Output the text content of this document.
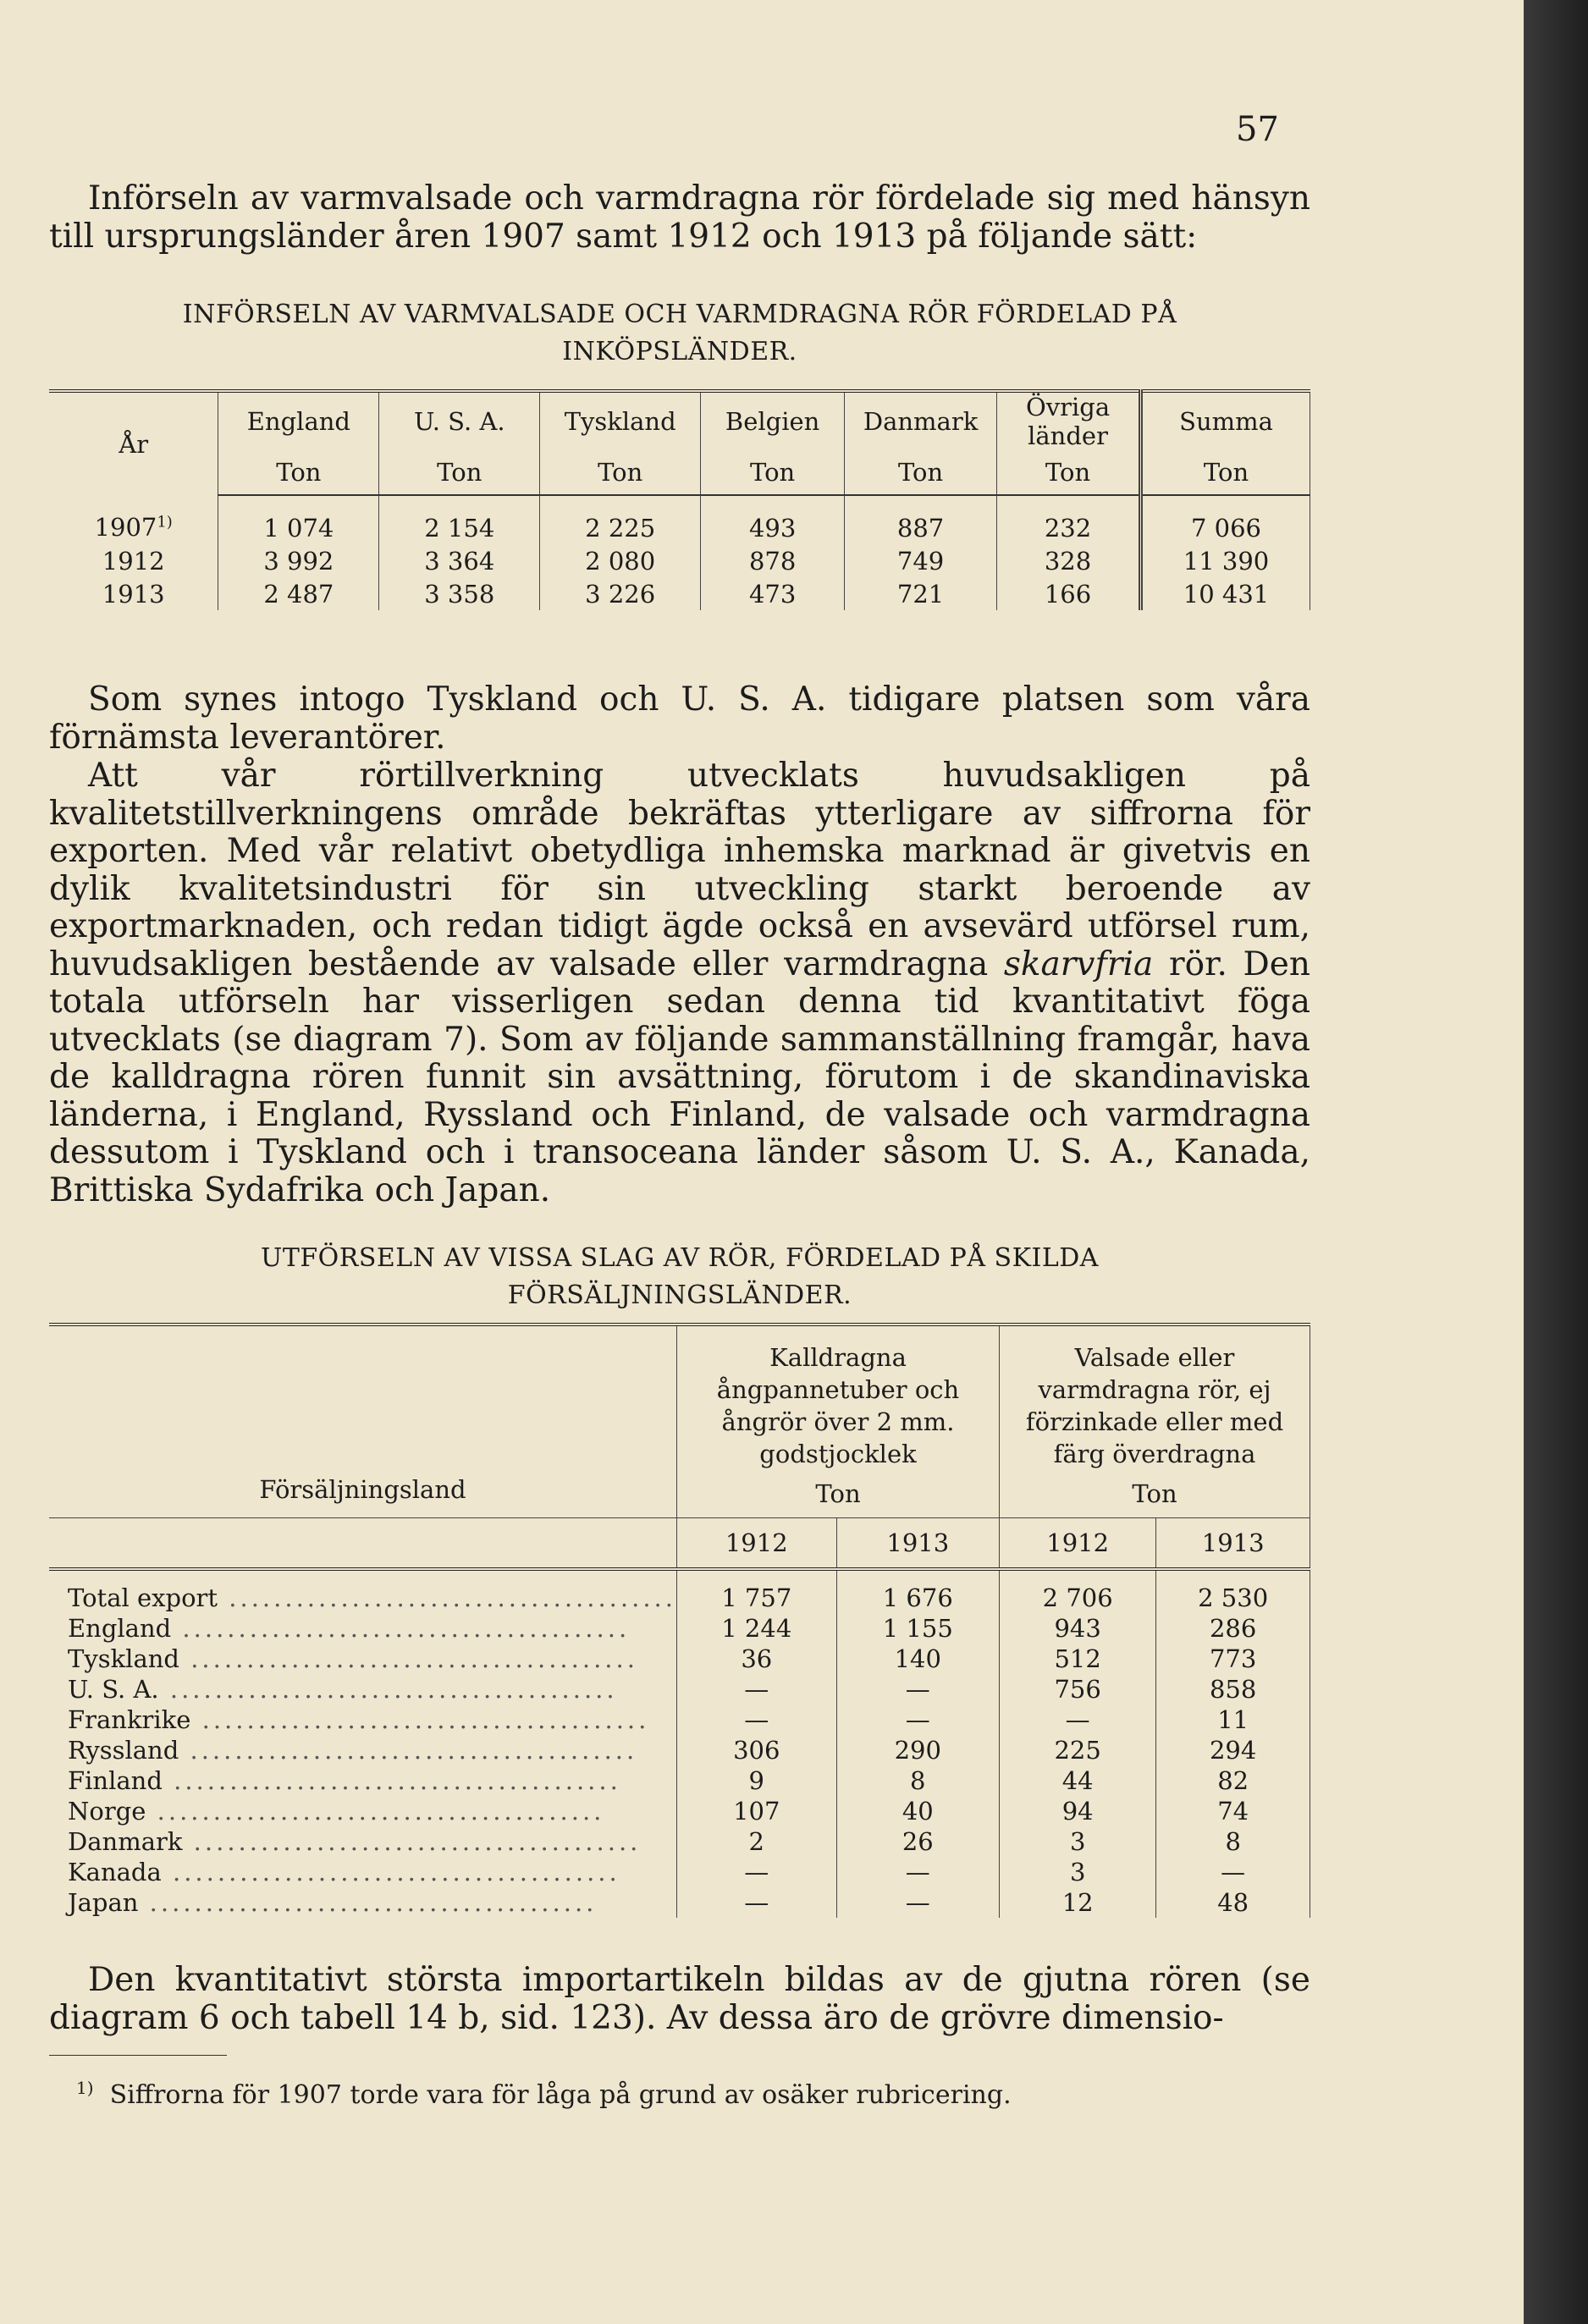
57

Införseln av varmvalsade och varmdragna rör fördelade sig med hänsyn till ursprungsländer åren 1907 samt 1912 och 1913 på följande sätt:

INFÖRSELN AV VARMVALSADE OCH VARMDRAGNA RÖR FÖRDELAD PÅ
INKÖPSLÄNDER.
År	England	U. S. A.	Tyskland	Belgien	Danmark	Övriga länder	Summa
	Ton	Ton	Ton	Ton	Ton	Ton	Ton
1907$^{1)}$	1 074	2 154	2 225	493	887	232	7 066
1912	3 992	3 364	2 080	878	749	328	11 390
1913	2 487	3 358	3 226	473	721	166	10 431

Som synes intogo Tyskland och U. S. A. tidigare platsen som våra förnämsta leverantörer.

Att vår rörtillverkning utvecklats huvudsakligen på kvalitetstillverkningens område bekräftas ytterligare av siffrorna för exporten. Med vår relativt obetydliga inhemska marknad är givetvis en dylik kvalitetsindustri för sin utveckling starkt beroende av exportmarknaden, och redan tidigt ägde också en avsevärd utförsel rum, huvudsakligen bestående av valsade eller varmdragna skarvfria rör. Den totala utförseln har visserligen sedan denna tid kvantitativt föga utvecklats (se diagram 7). Som av följande sammanställning framgår, hava de kalldragna rören funnit sin avsättning, förutom i de skandinaviska länderna, i England, Ryssland och Finland, de valsade och varmdragna dessutom i Tyskland och i transoceana länder såsom U. S. A., Kanada, Brittiska Sydafrika och Japan.

UTFÖRSELN AV VISSA SLAG AV RÖR, FÖRDELAD PÅ SKILDA
FÖRSÄLJNINGSLÄNDER.
Försäljningsland	Kalldragna ångpannetuber och ångrör över 2 mm. godstjocklek		Valsade eller varmdragna rör, ej förzinkade eller med färg överdragna	
	Ton		Ton	
	1912	1913	1912	1913
Total export ........................................	1 757	1 676	2 706	2 530
England ........................................	1 244	1 155	943	286
Tyskland ........................................	36	140	512	773
U. S. A. ........................................	—	—	756	858
Frankrike ........................................	—	—	—	11
Ryssland ........................................	306	290	225	294
Finland ........................................	9	8	44	82
Norge ........................................	107	40	94	74
Danmark ........................................	2	26	3	8
Kanada ........................................	—	—	3	—
Japan ........................................	—	—	12	48

Den kvantitativt största importartikeln bildas av de gjutna rören (se diagram 6 och tabell 14 b, sid. 123). Av dessa äro de grövre dimensio-

$^{1)}$ Siffrorna för 1907 torde vara för låga på grund av osäker rubricering.
